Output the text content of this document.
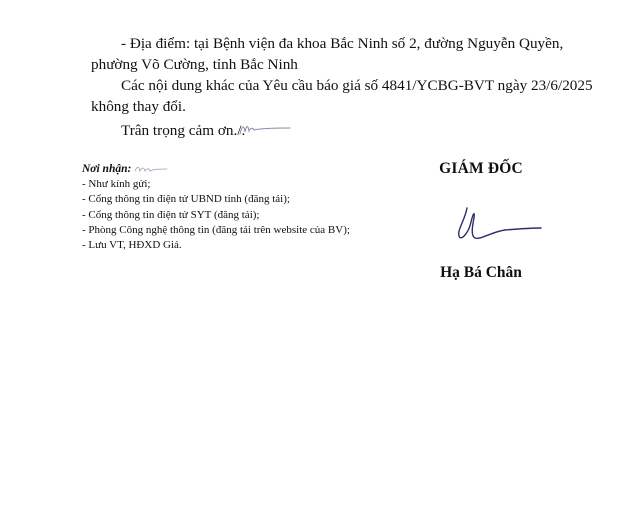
- Địa điểm: tại Bệnh viện đa khoa Bắc Ninh số 2, đường Nguyễn Quyền,
phường Võ Cường, tỉnh Bắc Ninh
Các nội dung khác của Yêu cầu báo giá số 4841/YCBG-BVT ngày 23/6/2025
không thay đổi.
Trân trọng cảm ơn./.
Nơi nhận:
- Như kính gửi;
- Cổng thông tin điện tử UBND tỉnh (đăng tải);
- Cổng thông tin điện tử SYT (đăng tải);
- Phòng Công nghệ thông tin (đăng tải trên website của BV);
- Lưu VT, HĐXD Giá.
GIÁM ĐỐC
Hạ Bá Chân
